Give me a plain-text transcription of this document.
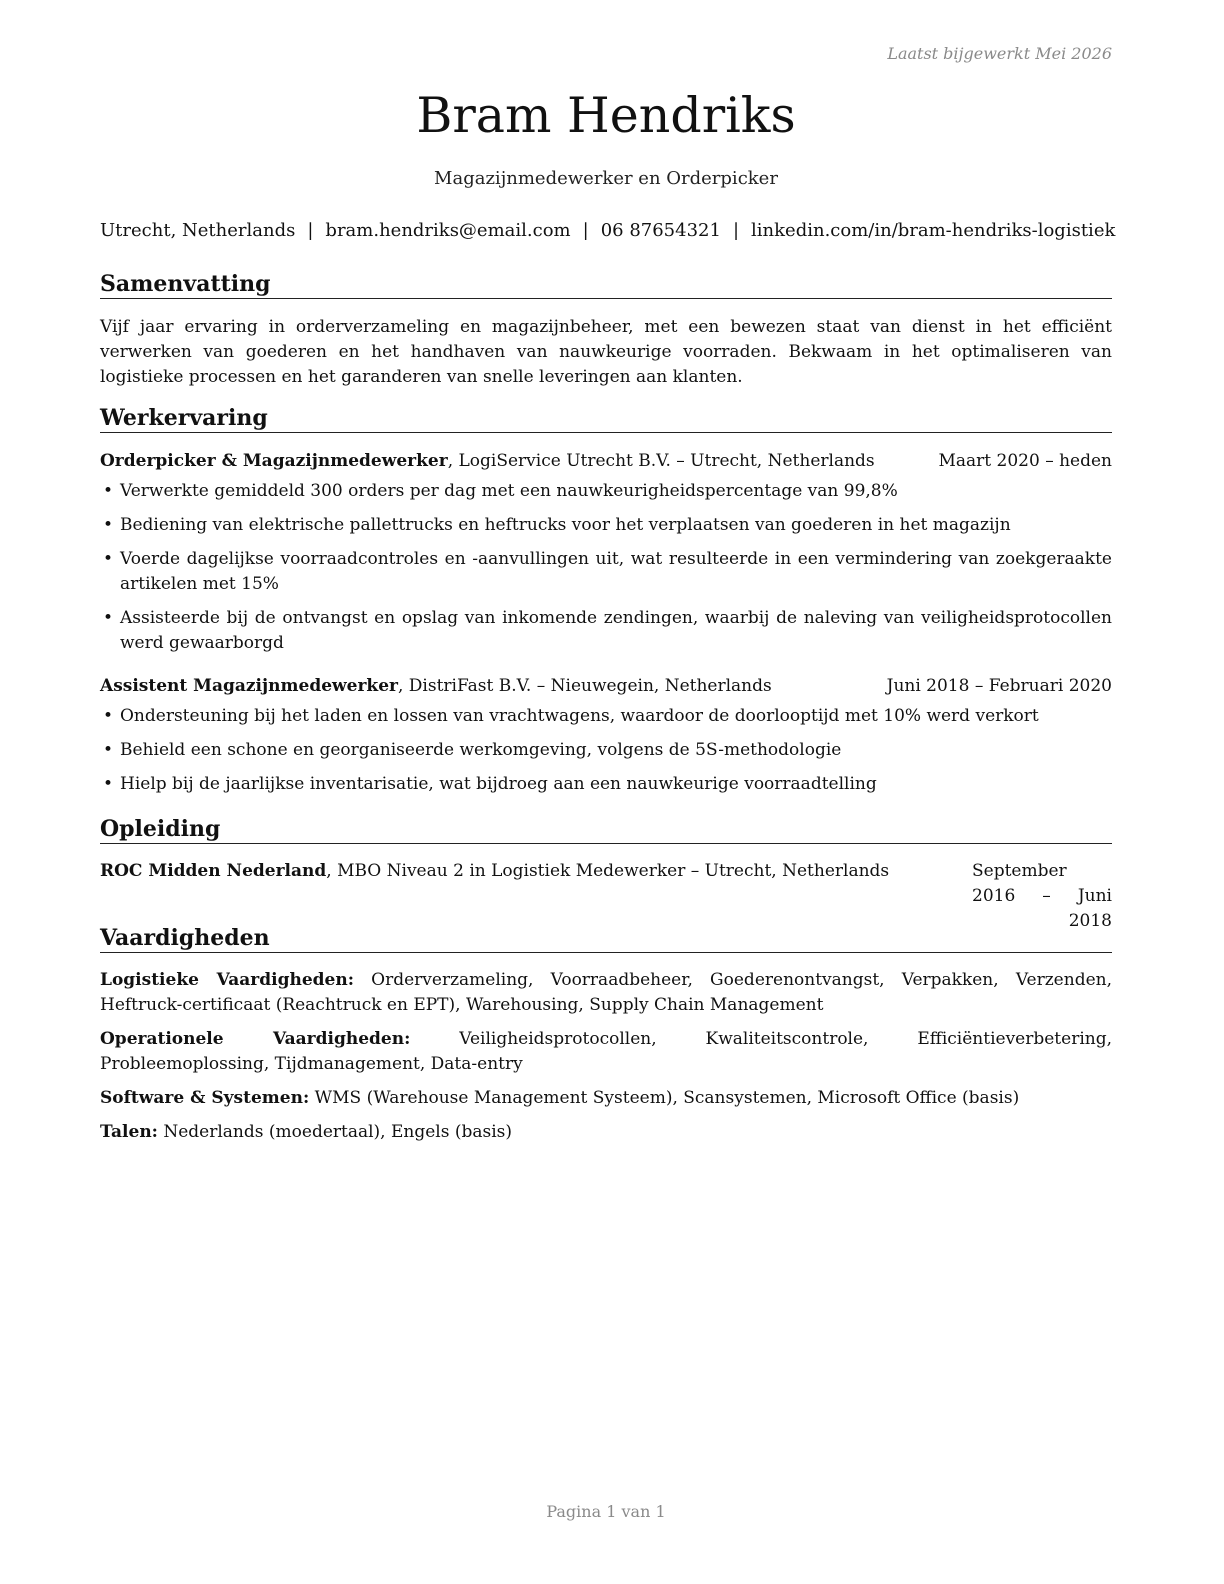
Laatst bijgewerkt Mei 2026
Bram Hendriks
Magazijnmedewerker en Orderpicker
Utrecht, Netherlands | bram.hendriks@email.com | 06 87654321 | linkedin.com/in/bram-hendriks-logistiek
Samenvatting
Vijf jaar ervaring in orderverzameling en magazijnbeheer, met een bewezen staat van dienst in het efficiënt verwerken van goederen en het handhaven van nauwkeurige voorraden. Bekwaam in het optimaliseren van logistieke processen en het garanderen van snelle leveringen aan klanten.
Werkervaring
Orderpicker & Magazijnmedewerker, LogiService Utrecht B.V. – Utrecht, Netherlands	Maart 2020 – heden
• Verwerkte gemiddeld 300 orders per dag met een nauwkeurigheidspercentage van 99,8%
• Bediening van elektrische pallettrucks en heftrucks voor het verplaatsen van goederen in het magazijn
• Voerde dagelijkse voorraadcontroles en -aanvullingen uit, wat resulteerde in een vermindering van zoekgeraakte artikelen met 15%
• Assisteerde bij de ontvangst en opslag van inkomende zendingen, waarbij de naleving van veiligheidsprotocollen werd gewaarborgd
Assistent Magazijnmedewerker, DistriFast B.V. – Nieuwegein, Netherlands	Juni 2018 – Februari 2020
• Ondersteuning bij het laden en lossen van vrachtwagens, waardoor de doorlooptijd met 10% werd verkort
• Behield een schone en georganiseerde werkomgeving, volgens de 5S-methodologie
• Hielp bij de jaarlijkse inventarisatie, wat bijdroeg aan een nauwkeurige voorraadtelling
Opleiding
ROC Midden Nederland, MBO Niveau 2 in Logistiek Medewerker – Utrecht, Netherlands	September 2016 – Juni 2018
Vaardigheden
Logistieke Vaardigheden: Orderverzameling, Voorraadbeheer, Goederenontvangst, Verpakken, Verzenden, Heftruck-certificaat (Reachtruck en EPT), Warehousing, Supply Chain Management
Operationele Vaardigheden: Veiligheidsprotocollen, Kwaliteitscontrole, Efficiëntieverbetering, Probleemoplossing, Tijdmanagement, Data-entry
Software & Systemen: WMS (Warehouse Management Systeem), Scansystemen, Microsoft Office (basis)
Talen: Nederlands (moedertaal), Engels (basis)
Pagina 1 van 1
